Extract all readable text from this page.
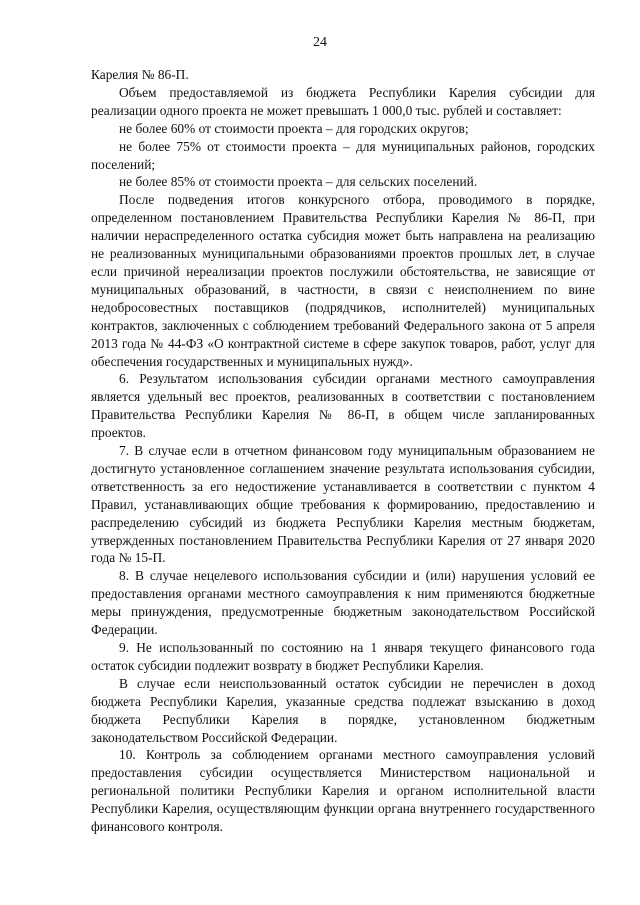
24

Карелия № 86-П.

Объем предоставляемой из бюджета Республики Карелия субсидии для реализации одного проекта не может превышать 1 000,0 тыс. рублей и составляет:

не более 60% от стоимости проекта – для городских округов;

не более 75% от стоимости проекта – для муниципальных районов, городских поселений;

не более 85% от стоимости проекта – для сельских поселений.

После подведения итогов конкурсного отбора, проводимого в порядке, определенном постановлением Правительства Республики Карелия № 86-П, при наличии нераспределенного остатка субсидия может быть направлена на реализацию не реализованных муниципальными образованиями проектов прошлых лет, в случае если причиной нереализации проектов послужили обстоятельства, не зависящие от муниципальных образований, в частности, в связи с неисполнением по вине недобросовестных поставщиков (подрядчиков, исполнителей) муниципальных контрактов, заключенных с соблюдением требований Федерального закона от 5 апреля 2013 года № 44-ФЗ «О контрактной системе в сфере закупок товаров, работ, услуг для обеспечения государственных и муниципальных нужд».

6. Результатом использования субсидии органами местного самоуправления является удельный вес проектов, реализованных в соответствии с постановлением Правительства Республики Карелия № 86-П, в общем числе запланированных проектов.

7. В случае если в отчетном финансовом году муниципальным образованием не достигнуто установленное соглашением значение результата использования субсидии, ответственность за его недостижение устанавливается в соответствии с пунктом 4 Правил, устанавливающих общие требования к формированию, предоставлению и распределению субсидий из бюджета Республики Карелия местным бюджетам, утвержденных постановлением Правительства Республики Карелия от 27 января 2020 года № 15-П.

8. В случае нецелевого использования субсидии и (или) нарушения условий ее предоставления органами местного самоуправления к ним применяются бюджетные меры принуждения, предусмотренные бюджетным законодательством Российской Федерации.

9. Не использованный по состоянию на 1 января текущего финансового года остаток субсидии подлежит возврату в бюджет Республики Карелия.

В случае если неиспользованный остаток субсидии не перечислен в доход бюджета Республики Карелия, указанные средства подлежат взысканию в доход бюджета Республики Карелия в порядке, установленном бюджетным законодательством Российской Федерации.

10. Контроль за соблюдением органами местного самоуправления условий предоставления субсидии осуществляется Министерством национальной и региональной политики Республики Карелия и органом исполнительной власти Республики Карелия, осуществляющим функции органа внутреннего государственного финансового контроля.
